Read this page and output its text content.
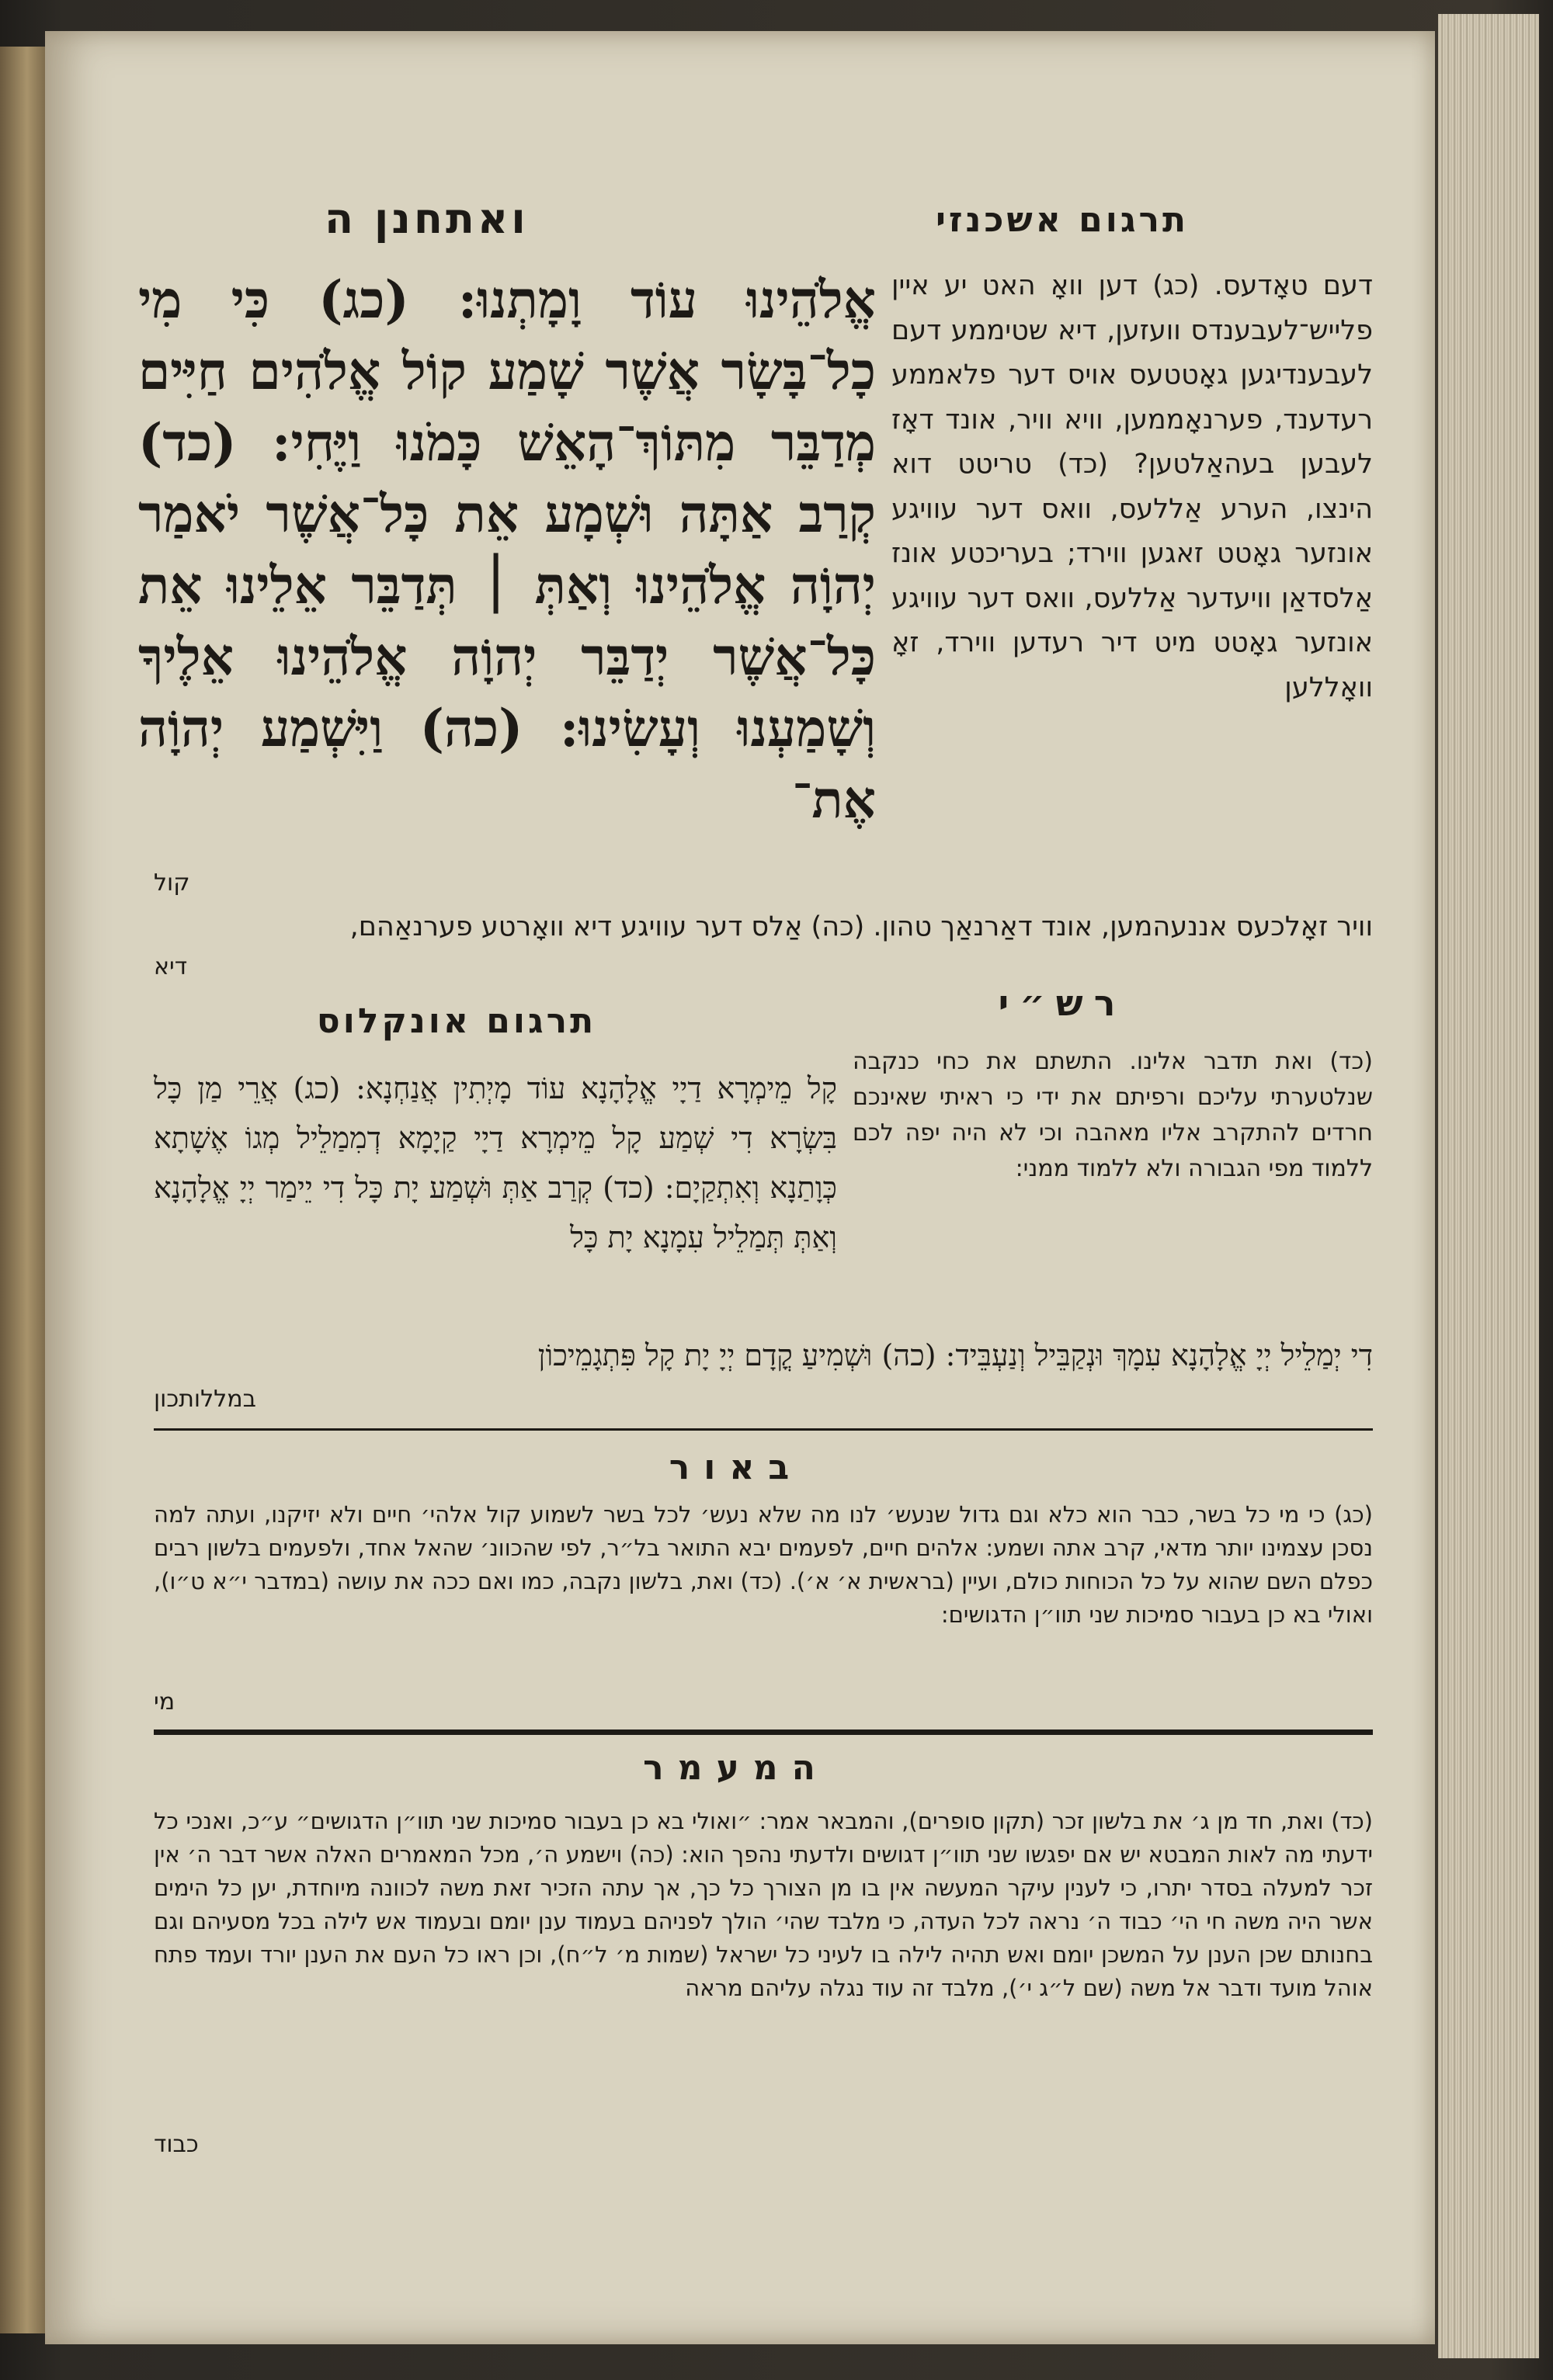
ואתחנן ה	תרגום אשכנזי
אֱלֹהֵינוּ עוֹד וָמָתְנוּ: (כג) כִּי מִי כָל־בָּשָׂר אֲשֶׁר שָׁמַע קוֹל אֱלֹהִים חַיִּים מְדַבֵּר מִתּוֹךְ־הָאֵשׁ כָּמֹנוּ וַיֶּחִי: (כד) קְרַב אַתָּה וּשְׁמָע אֵת כָּל־אֲשֶׁר יֹאמַר יְהוָֹה אֱלֹהֵינוּ וְאַתְּ ׀ תְּדַבֵּר אֵלֵינוּ אֵת כָּל־אֲשֶׁר יְדַבֵּר יְהוָֹה אֱלֹהֵינוּ אֵלֶיךָ וְשָׁמַעְנוּ וְעָשִׂינוּ: (כה) וַיִּשְׁמַע יְהוָֹה אֶת־
קול
דעם טאָדעס. (כג) דען וואָ האט יע איין פלייש־לעבענדס וועזען, דיא שטיממע דעם לעבענדיגען גאָטטעס אויס דער פלאממע רעדענד, פערנאָממען, וויא וויר, אונד דאָז לעבען בעהאַלטען? (כד) טריטט דוא הינצו, הערע אַללעס, וואס דער עוויגע אונזער גאָטט זאגען ווירד; בעריכטע אונז אַלסדאַן וויעדער אַללעס, וואס דער עוויגע אונזער גאָטט מיט דיר רעדען ווירד, זאָ וואָללען
וויר זאָלכעס אננעהמען, אונד דאַרנאַך טהון. (כה) אַלס דער עוויגע דיא וואָרטע פערנאַהם,
דיא
תרגום אונקלוס	רש״י
קָל מֵימְרָא דַיָי אֱלָהָנָא עוֹד מָיְתִין אֲנַחְנָא: (כג) אֲרֵי מַן כָּל בִּשְׂרָא דִי שְׁמַע קָל מֵימְרָא דַיָי קַיָמָא דְמִמַלֵיל מְגוֹ אֶשָׁתָא כְּוָתַנָא וְאִתְקַיָם: (כד) קְרַב אַתְּ וּשְׁמַע יָת כָּל דִי יֵימַר יְיָ אֱלָהָנָא וְאַתְּ תְּמַלֵיל עִמָנָא יָת כָּל
(כד) ואת תדבר אלינו. התשתם את כחי כנקבה שנלטערתי עליכם ורפיתם את ידי כי ראיתי שאינכם חרדים להתקרב אליו מאהבה וכי לא היה יפה לכם ללמוד מפי הגבורה ולא ללמוד ממני:
דִי יְמַלֵיל יְיָ אֱלָהָנָא עִמָךְ וּנְקַבֵּיל וְנַעְבֵּיד: (כה) וּשְׁמִיעַ קֳדָם יְיָ יָת קָל פִּתְגָמֵיכוֹן
במללותכון
באור
(כג) כי מי כל בשר, כבר הוא כלא וגם גדול שנעש׳ לנו מה שלא נעש׳ לכל בשר לשמוע קול אלהי׳ חיים ולא יזיקנו, ועתה למה נסכן עצמינו יותר מדאי, קרב אתה ושמע: אלהים חיים, לפעמים יבא התואר בל״ר, לפי שהכוונ׳ שהאל אחד, ולפעמים בלשון רבים כפלם השם שהוא על כל הכוחות כולם, ועיין (בראשית א׳ א׳). (כד) ואת, בלשון נקבה, כמו ואם ככה את עושה (במדבר י״א ט״ו), ואולי בא כן בעבור סמיכות שני תוו״ן הדגושים:
מי
המעמר
(כד) ואת, חד מן ג׳ את בלשון זכר (תקון סופרים), והמבאר אמר: ״ואולי בא כן בעבור סמיכות שני תוו״ן הדגושים״ ע״כ, ואנכי כל ידעתי מה לאות המבטא יש אם יפגשו שני תוו״ן דגושים ולדעתי נהפך הוא: (כה) וישמע ה׳, מכל המאמרים האלה אשר דבר ה׳ אין זכר למעלה בסדר יתרו, כי לענין עיקר המעשה אין בו מן הצורך כל כך, אך עתה הזכיר זאת משה לכוונה מיוחדת, יען כל הימים אשר היה משה חי הי׳ כבוד ה׳ נראה לכל העדה, כי מלבד שהי׳ הולך לפניהם בעמוד ענן יומם ובעמוד אש לילה בכל מסעיהם וגם בחנותם שכן הענן על המשכן יומם ואש תהיה לילה בו לעיני כל ישראל (שמות מ׳ ל״ח), וכן ראו כל העם את הענן יורד ועמד פתח אוהל מועד ודבר אל משה (שם ל״ג י׳), מלבד זה עוד נגלה עליהם מראה
כבוד
